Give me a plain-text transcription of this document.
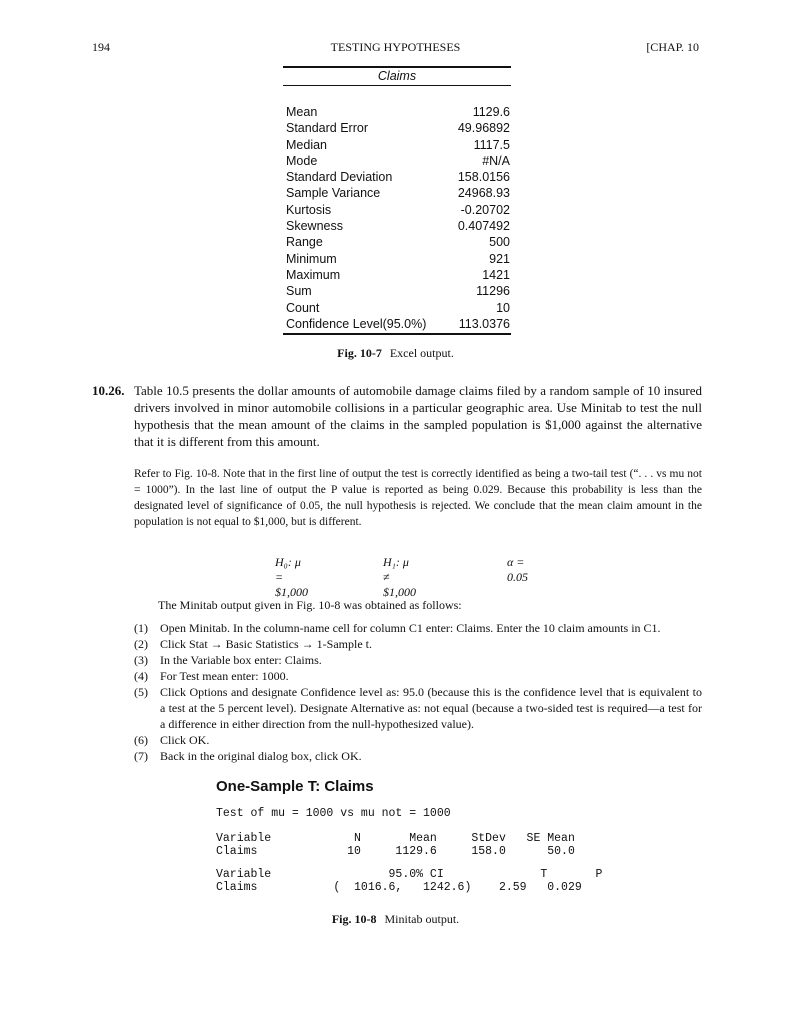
194	TESTING HYPOTHESES	[CHAP. 10
Claims
Mean	1129.6
Standard Error	49.96892
Median	1117.5
Mode	#N/A
Standard Deviation	158.0156
Sample Variance	24968.93
Kurtosis	-0.20702
Skewness	0.407492
Range	500
Minimum	921
Maximum	1421
Sum	11296
Count	10
Confidence Level(95.0%)	113.0376
Fig. 10-7 Excel output.
10.26. Table 10.5 presents the dollar amounts of automobile damage claims filed by a random sample of 10 insured drivers involved in minor automobile collisions in a particular geographic area. Use Minitab to test the null hypothesis that the mean amount of the claims in the sampled population is $1,000 against the alternative that it is different from this amount.
Refer to Fig. 10-8. Note that in the first line of output the test is correctly identified as being a two-tail test (“. . . vs mu not = 1000”). In the last line of output the P value is reported as being 0.029. Because this probability is less than the designated level of significance of 0.05, the null hypothesis is rejected. We conclude that the mean claim amount in the population is not equal to $1,000, but is different.
H₀: μ = $1,000
H₁: μ ≠ $1,000
α = 0.05
The Minitab output given in Fig. 10-8 was obtained as follows:
(1) Open Minitab. In the column-name cell for column C1 enter: Claims. Enter the 10 claim amounts in C1.
(2) Click Stat → Basic Statistics → 1-Sample t.
(3) In the Variable box enter: Claims.
(4) For Test mean enter: 1000.
(5) Click Options and designate Confidence level as: 95.0 (because this is the confidence level that is equivalent to a test at the 5 percent level). Designate Alternative as: not equal (because a two-sided test is required—a test for a difference in either direction from the null-hypothesized value).
(6) Click OK.
(7) Back in the original dialog box, click OK.
One-Sample T: Claims
Test of mu = 1000 vs mu not = 1000
Variable            N       Mean     StDev   SE Mean
Claims             10     1129.6     158.0      50.0
Variable                 95.0% CI              T       P
Claims           (  1016.6,   1242.6)    2.59   0.029
Fig. 10-8 Minitab output.
